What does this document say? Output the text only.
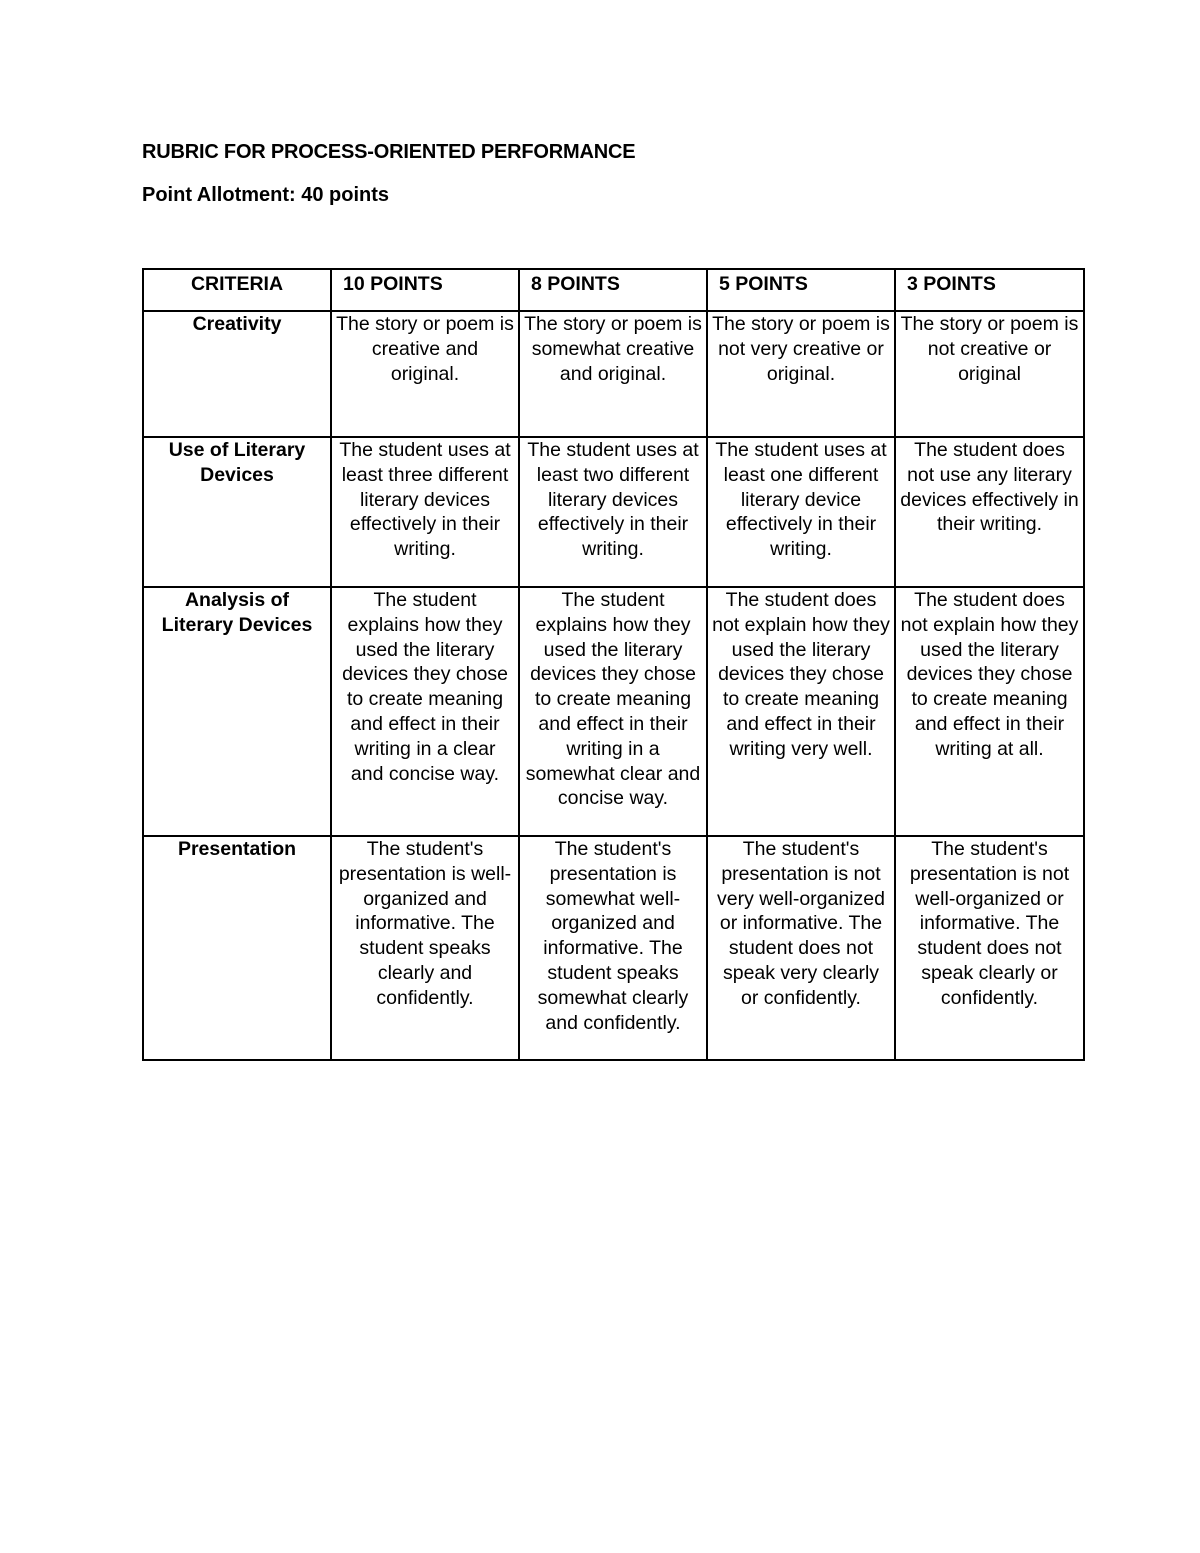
RUBRIC FOR PROCESS-ORIENTED PERFORMANCE
Point Allotment: 40 points
CRITERIA	10 POINTS	8 POINTS	5 POINTS	3 POINTS
Creativity	The story or poem is creative and original.	The story or poem is somewhat creative and original.	The story or poem is not very creative or original.	The story or poem is not creative or original
Use of Literary Devices	The student uses at least three different literary devices effectively in their writing.	The student uses at least two different literary devices effectively in their writing.	The student uses at least one different literary device effectively in their writing.	The student does not use any literary devices effectively in their writing.
Analysis of Literary Devices	The student explains how they used the literary devices they chose to create meaning and effect in their writing in a clear and concise way.	The student explains how they used the literary devices they chose to create meaning and effect in their writing in a somewhat clear and concise way.	The student does not explain how they used the literary devices they chose to create meaning and effect in their writing very well.	The student does not explain how they used the literary devices they chose to create meaning and effect in their writing at all.
Presentation	The student's presentation is well-organized and informative. The student speaks clearly and confidently.	The student's presentation is somewhat well-organized and informative. The student speaks somewhat clearly and confidently.	The student's presentation is not very well-organized or informative. The student does not speak very clearly or confidently.	The student's presentation is not well-organized or informative. The student does not speak clearly or confidently.
